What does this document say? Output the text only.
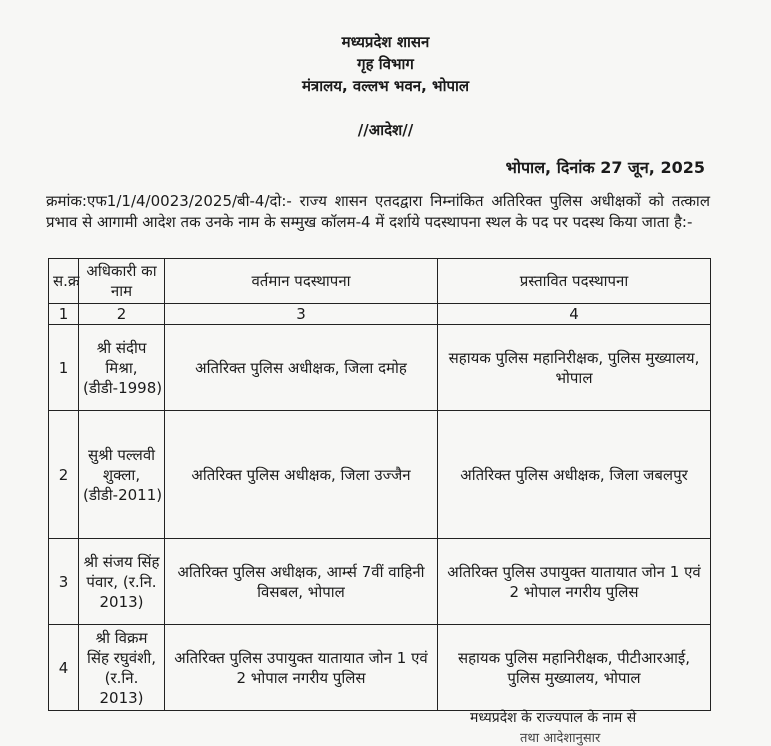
मध्यप्रदेश शासन
गृह विभाग
मंत्रालय, वल्लभ भवन, भोपाल
//आदेश//
भोपाल, दिनांक 27 जून, 2025
क्रमांक:एफ1/1/4/0023/2025/बी-4/दो:- राज्य शासन एतदद्वारा निम्नांकित अतिरिक्त पुलिस अधीक्षकों को तत्काल प्रभाव से आगामी आदेश तक उनके नाम के सम्मुख कॉलम-4 में दर्शाये पदस्थापना स्थल के पद पर पदस्थ किया जाता है:-
स.क्र	अधिकारी का नाम	वर्तमान पदस्थापना	प्रस्तावित पदस्थापना
1	2	3	4
1	श्री संदीप मिश्रा, (डीडी-1998)	अतिरिक्त पुलिस अधीक्षक, जिला दमोह	सहायक पुलिस महानिरीक्षक, पुलिस मुख्यालय, भोपाल
2	सुश्री पल्लवी शुक्ला, (डीडी-2011)	अतिरिक्त पुलिस अधीक्षक, जिला उज्जैन	अतिरिक्त पुलिस अधीक्षक, जिला जबलपुर
3	श्री संजय सिंह पंवार, (र.नि. 2013)	अतिरिक्त पुलिस अधीक्षक, आर्म्स 7वीं वाहिनी विसबल, भोपाल	अतिरिक्त पुलिस उपायुक्त यातायात जोन 1 एवं 2 भोपाल नगरीय पुलिस
4	श्री विक्रम सिंह रघुवंशी, (र.नि. 2013)	अतिरिक्त पुलिस उपायुक्त यातायात जोन 1 एवं 2 भोपाल नगरीय पुलिस	सहायक पुलिस महानिरीक्षक, पीटीआरआई, पुलिस मुख्यालय, भोपाल
मध्यप्रदेश के राज्यपाल के नाम से
तथा आदेशानुसार
